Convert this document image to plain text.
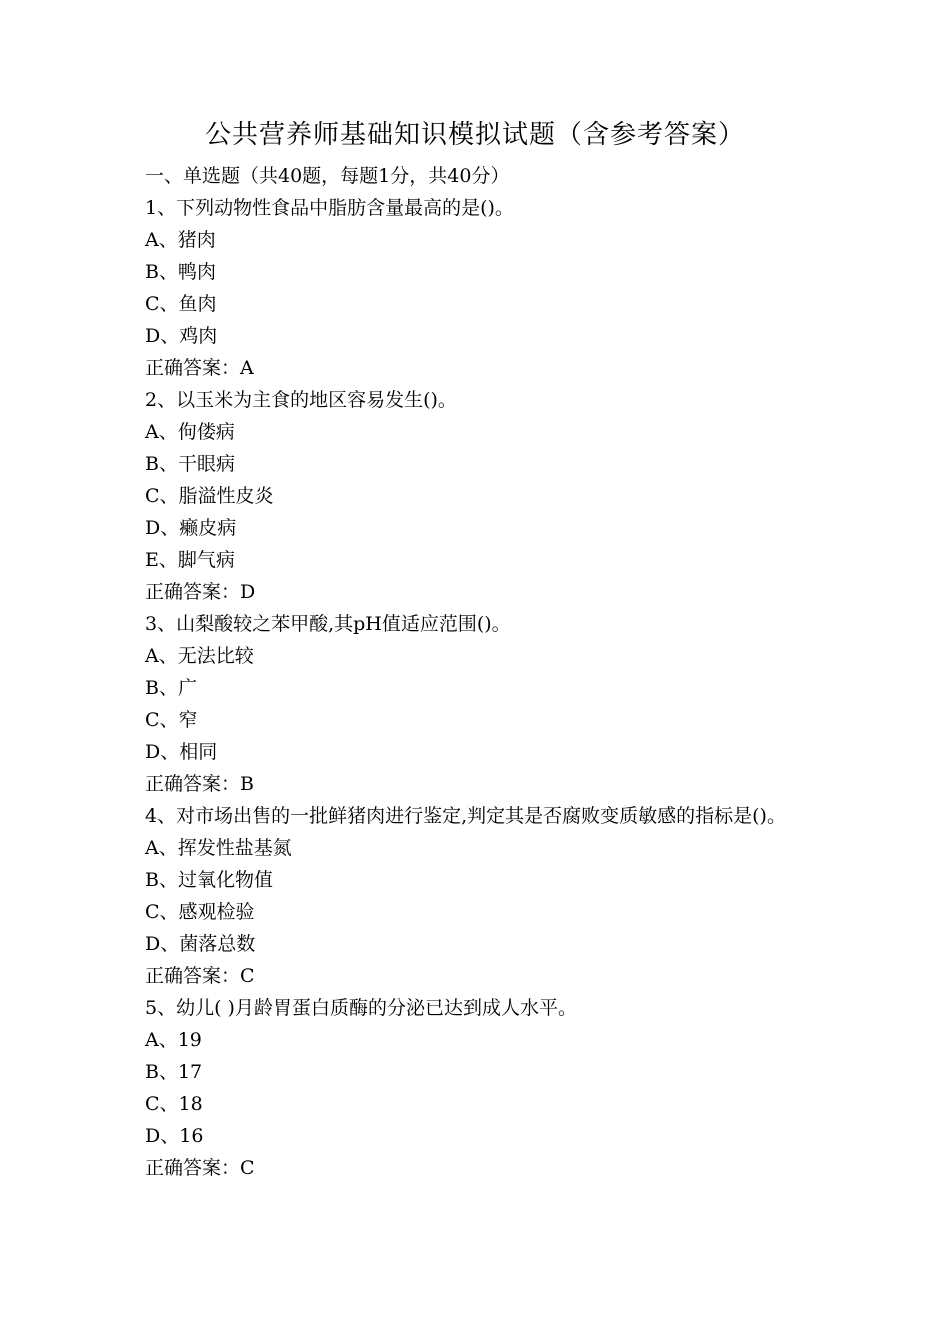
公共营养师基础知识模拟试题（含参考答案）
一、单选题（共40题，每题1分，共40分）
1、下列动物性食品中脂肪含量最高的是()。
A、猪肉
B、鸭肉
C、鱼肉
D、鸡肉
正确答案：A
2、以玉米为主食的地区容易发生()。
A、佝偻病
B、干眼病
C、脂溢性皮炎
D、癞皮病
E、脚气病
正确答案：D
3、山梨酸较之苯甲酸,其pH值适应范围()。
A、无法比较
B、广
C、窄
D、相同
正确答案：B
4、对市场出售的一批鲜猪肉进行鉴定,判定其是否腐败变质敏感的指标是()。
A、挥发性盐基氮
B、过氧化物值
C、感观检验
D、菌落总数
正确答案：C
5、幼儿( )月龄胃蛋白质酶的分泌已达到成人水平。
A、19
B、17
C、18
D、16
正确答案：C
